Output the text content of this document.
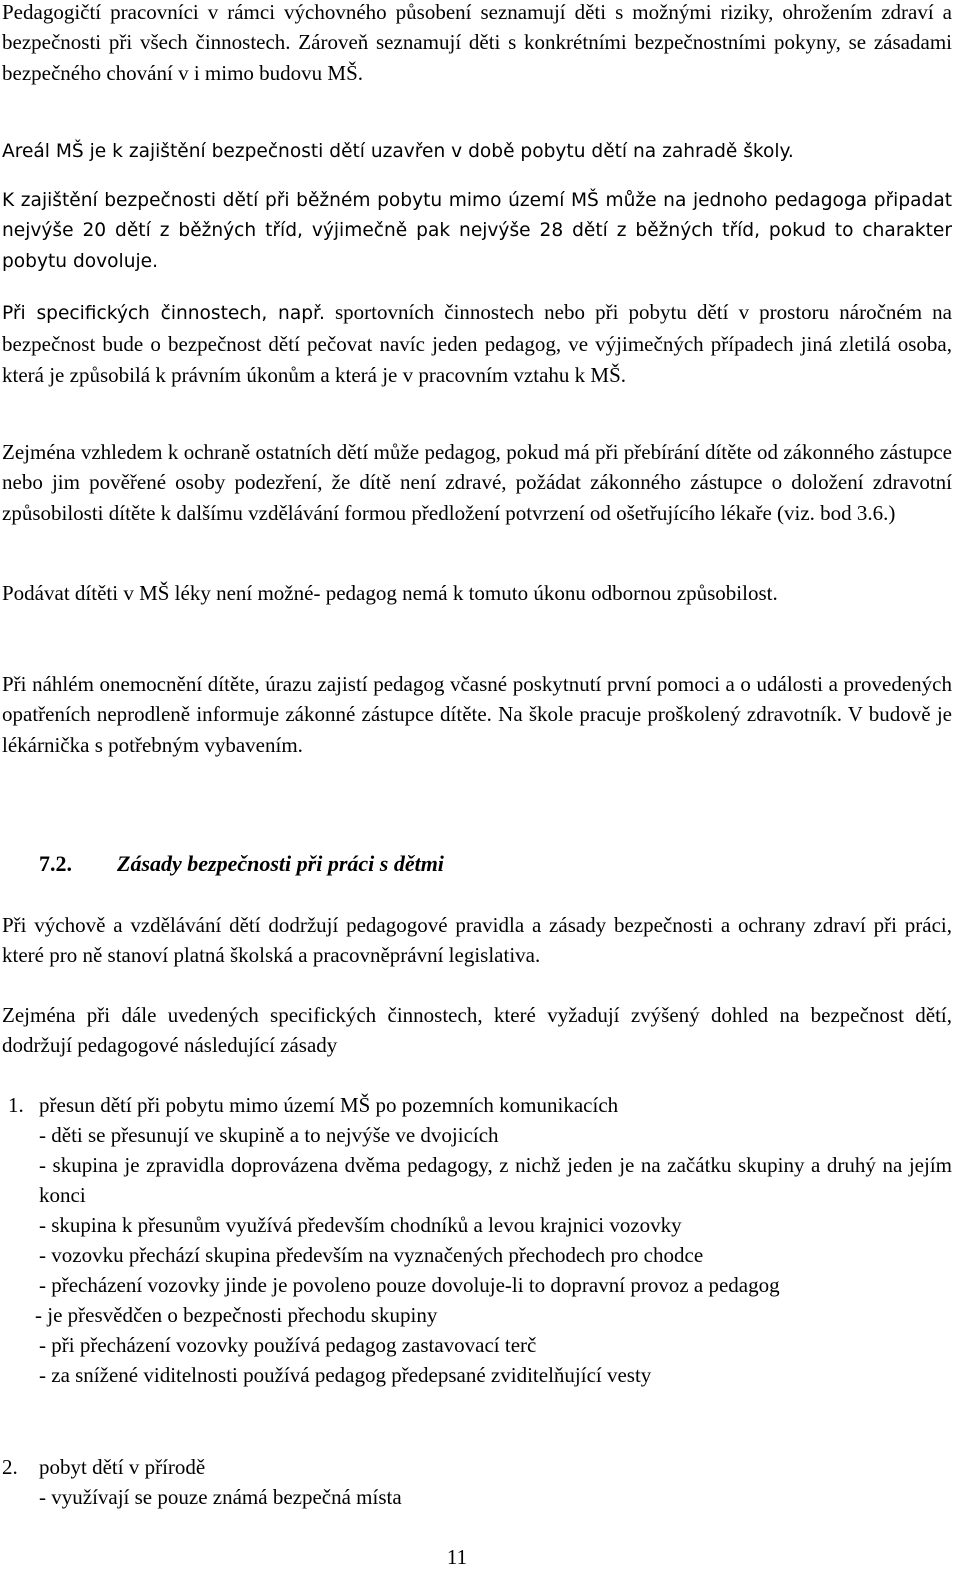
Pedagogičtí pracovníci v rámci výchovného působení seznamují děti s možnými riziky, ohrožením zdraví a bezpečnosti při všech činnostech. Zároveň seznamují děti s konkrétními bezpečnostními pokyny, se zásadami bezpečného chování v i mimo budovu MŠ.

Areál MŠ je k zajištění bezpečnosti dětí uzavřen v době pobytu dětí na zahradě školy.

K zajištění bezpečnosti dětí při běžném pobytu mimo území MŠ může na jednoho pedagoga připadat nejvýše 20 dětí z běžných tříd, výjimečně pak nejvýše 28 dětí z běžných tříd, pokud to charakter pobytu dovoluje.

Při specifických činnostech, např. sportovních činnostech nebo při pobytu dětí v prostoru náročném na bezpečnost bude o bezpečnost dětí pečovat navíc jeden pedagog, ve výjimečných případech jiná zletilá osoba, která je způsobilá k právním úkonům a která je v pracovním vztahu k MŠ.

Zejména vzhledem k ochraně ostatních dětí může pedagog, pokud má při přebírání dítěte od zákonného zástupce nebo jim pověřené osoby podezření, že dítě není zdravé, požádat zákonného zástupce o doložení zdravotní způsobilosti dítěte k dalšímu vzdělávání formou předložení potvrzení od ošetřujícího lékaře (viz. bod 3.6.)

Podávat dítěti v MŠ léky není možné- pedagog nemá k tomuto úkonu odbornou způsobilost.

Při náhlém onemocnění dítěte, úrazu zajistí pedagog včasné poskytnutí první pomoci a o události a provedených opatřeních neprodleně informuje zákonné zástupce dítěte. Na škole pracuje proškolený zdravotník. V budově je lékárnička s potřebným vybavením.

7.2. Zásady bezpečnosti při práci s dětmi

Při výchově a vzdělávání dětí dodržují pedagogové pravidla a zásady bezpečnosti a ochrany zdraví při práci, které pro ně stanoví platná školská a pracovněprávní legislativa.

Zejména při dále uvedených specifických činnostech, které vyžadují zvýšený dohled na bezpečnost dětí, dodržují pedagogové následující zásady

1. přesun dětí při pobytu mimo území MŠ po pozemních komunikacích
- děti se přesunují ve skupině a to nejvýše ve dvojicích
- skupina je zpravidla doprovázena dvěma pedagogy, z nichž jeden je na začátku skupiny a druhý na jejím konci
- skupina k přesunům využívá především chodníků a levou krajnici vozovky
- vozovku přechází skupina především na vyznačených přechodech pro chodce
- přecházení vozovky jinde je povoleno pouze dovoluje-li to dopravní provoz a pedagog
- je přesvědčen o bezpečnosti přechodu skupiny
- při přecházení vozovky používá pedagog zastavovací terč
- za snížené viditelnosti používá pedagog předepsané zviditelňující vesty
2. pobyt dětí v přírodě
- využívají se pouze známá bezpečná místa
11
